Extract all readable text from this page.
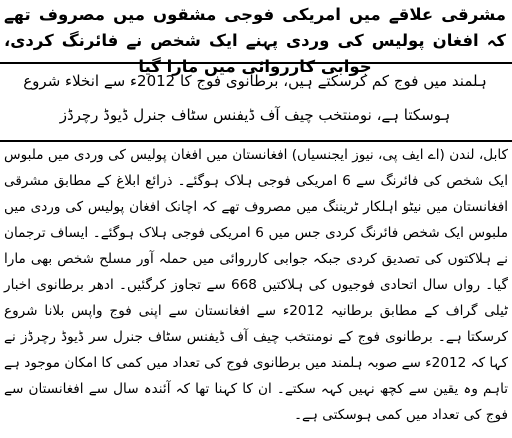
مشرقی علاقے میں امریکی فوجی مشقوں میں مصروف تھے کہ افغان پولیس کی وردی پہنے ایک شخص نے فائرنگ کردی، جوابی کارروائی میں مارا گیا
ہلمند میں فوج کم کرسکتے ہیں، برطانوی فوج کا 2012ء سے انخلاء شروع ہوسکتا ہے، نومنتخب چیف آف ڈیفنس سٹاف جنرل ڈیوڈ رچرڈز

کابل، لندن (اے ایف پی، نیوز ایجنسیاں) افغانستان میں افغان پولیس کی وردی میں ملبوس ایک شخص کی فائرنگ سے 6 امریکی فوجی ہلاک ہوگئے۔ ذرائع ابلاغ کے مطابق مشرقی افغانستان میں نیٹو اہلکار ٹریننگ میں مصروف تھے کہ اچانک افغان پولیس کی وردی میں ملبوس ایک شخص فائرنگ کردی جس میں 6 امریکی فوجی ہلاک ہوگئے۔ ایساف ترجمان نے ہلاکتوں کی تصدیق کردی جبکہ جوابی کارروائی میں حملہ آور مسلح شخص بھی مارا گیا۔ رواں سال اتحادی فوجیوں کی ہلاکتیں 668 سے تجاوز کرگئیں۔ ادھر برطانوی اخبار ٹیلی گراف کے مطابق برطانیہ 2012ء سے افغانستان سے اپنی فوج واپس بلانا شروع کرسکتا ہے۔ برطانوی فوج کے نومنتخب چیف آف ڈیفنس سٹاف جنرل سر ڈیوڈ رچرڈز نے کہا کہ 2012ء سے صوبہ ہلمند میں برطانوی فوج کی تعداد میں کمی کا امکان موجود ہے تاہم وہ یقین سے کچھ نہیں کہہ سکتے۔ ان کا کہنا تھا کہ آئندہ سال سے افغانستان سے فوج کی تعداد میں کمی ہوسکتی ہے۔
